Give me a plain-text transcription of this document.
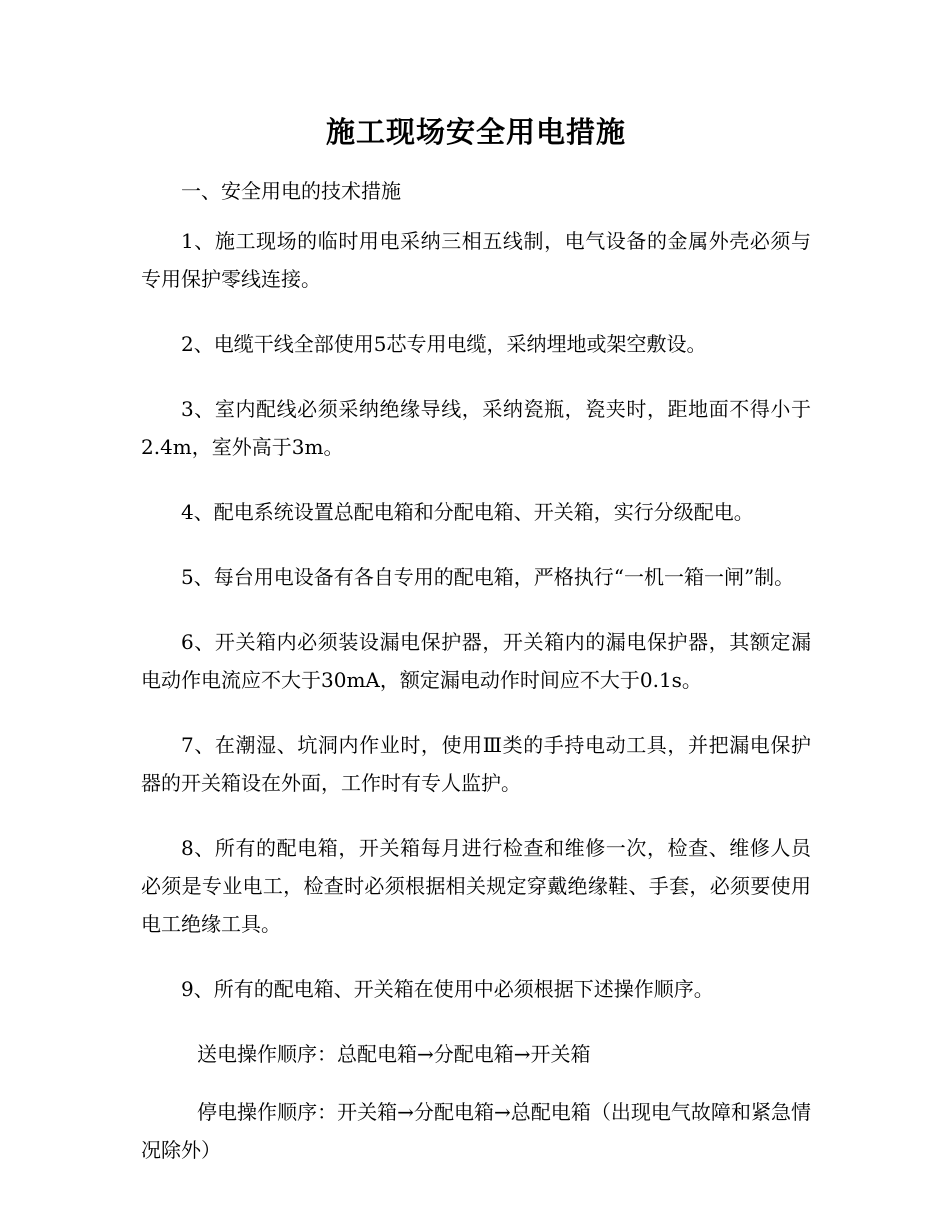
施工现场安全用电措施

一、安全用电的技术措施

1、施工现场的临时用电采纳三相五线制，电气设备的金属外壳必须与专用保护零线连接。

2、电缆干线全部使用5芯专用电缆，采纳埋地或架空敷设。

3、室内配线必须采纳绝缘导线，采纳瓷瓶，瓷夹时，距地面不得小于2.4m，室外高于3m。

4、配电系统设置总配电箱和分配电箱、开关箱，实行分级配电。

5、每台用电设备有各自专用的配电箱，严格执行“一机一箱一闸”制。

6、开关箱内必须装设漏电保护器，开关箱内的漏电保护器，其额定漏电动作电流应不大于30mA，额定漏电动作时间应不大于0.1s。

7、在潮湿、坑洞内作业时，使用Ⅲ类的手持电动工具，并把漏电保护器的开关箱设在外面，工作时有专人监护。

8、所有的配电箱，开关箱每月进行检查和维修一次，检查、维修人员必须是专业电工，检查时必须根据相关规定穿戴绝缘鞋、手套，必须要使用电工绝缘工具。

9、所有的配电箱、开关箱在使用中必须根据下述操作顺序。

送电操作顺序：总配电箱→分配电箱→开关箱

停电操作顺序：开关箱→分配电箱→总配电箱（出现电气故障和紧急情况除外）
